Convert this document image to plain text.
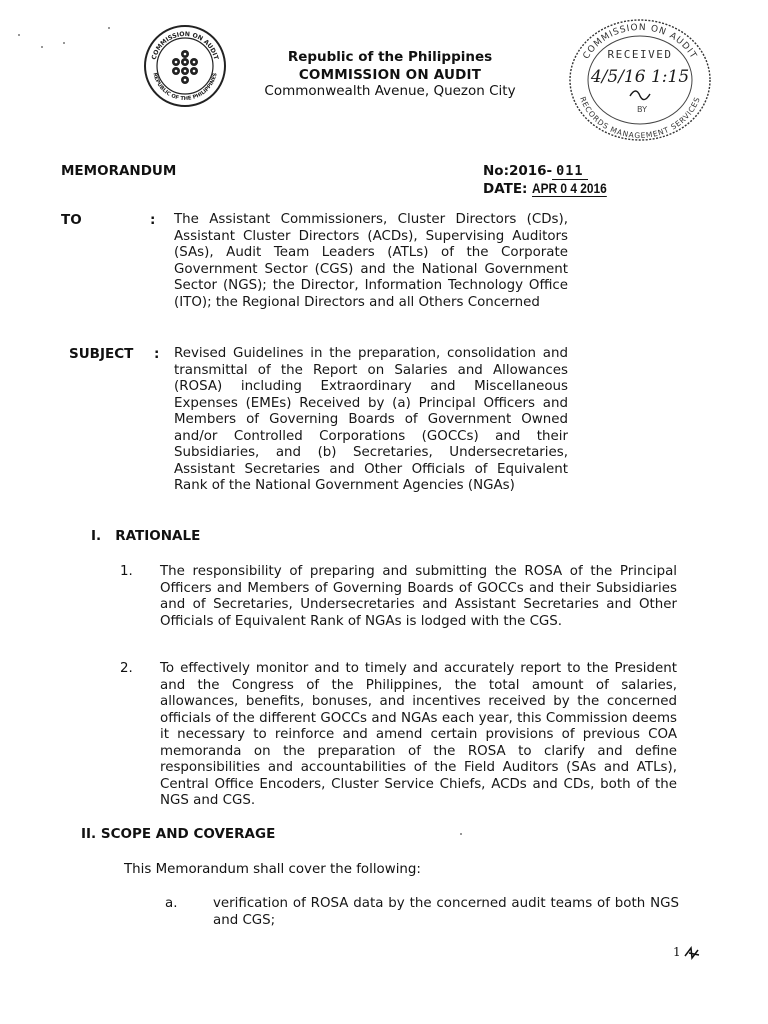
COMMISSION ON AUDIT
REPUBLIC OF THE PHILIPPINES
Republic of the Philippines
COMMISSION ON AUDIT
Commonwealth Avenue, Quezon City
COMMISSION ON AUDIT
RECORDS MANAGEMENT SERVICES
RECEIVED
4/5/16 1:15
BY
MEMORANDUM	No:2016- 011
DATE: APR 0 4 2016
TO	: The Assistant Commissioners, Cluster Directors (CDs), Assistant Cluster Directors (ACDs), Supervising Auditors (SAs), Audit Team Leaders (ATLs) of the Corporate Government Sector (CGS) and the National Government Sector (NGS); the Director, Information Technology Office (ITO); the Regional Directors and all Others Concerned
SUBJECT : Revised Guidelines in the preparation, consolidation and transmittal of the Report on Salaries and Allowances (ROSA) including Extraordinary and Miscellaneous Expenses (EMEs) Received by (a) Principal Officers and Members of Governing Boards of Government Owned and/or Controlled Corporations (GOCCs) and their Subsidiaries, and (b) Secretaries, Undersecretaries, Assistant Secretaries and Other Officials of Equivalent Rank of the National Government Agencies (NGAs)
I.   RATIONALE
1. The responsibility of preparing and submitting the ROSA of the Principal Officers and Members of Governing Boards of GOCCs and their Subsidiaries and of Secretaries, Undersecretaries and Assistant Secretaries and Other Officials of Equivalent Rank of NGAs is lodged with the CGS.
2. To effectively monitor and to timely and accurately report to the President and the Congress of the Philippines, the total amount of salaries, allowances, benefits, bonuses, and incentives received by the concerned officials of the different GOCCs and NGAs each year, this Commission deems it necessary to reinforce and amend certain provisions of previous COA memoranda on the preparation of the ROSA to clarify and define responsibilities and accountabilities of the Field Auditors (SAs and ATLs), Central Office Encoders, Cluster Service Chiefs, ACDs and CDs, both of the NGS and CGS.
II. SCOPE AND COVERAGE
This Memorandum shall cover the following:
a.	verification of ROSA data by the concerned audit teams of both NGS and CGS;
1
